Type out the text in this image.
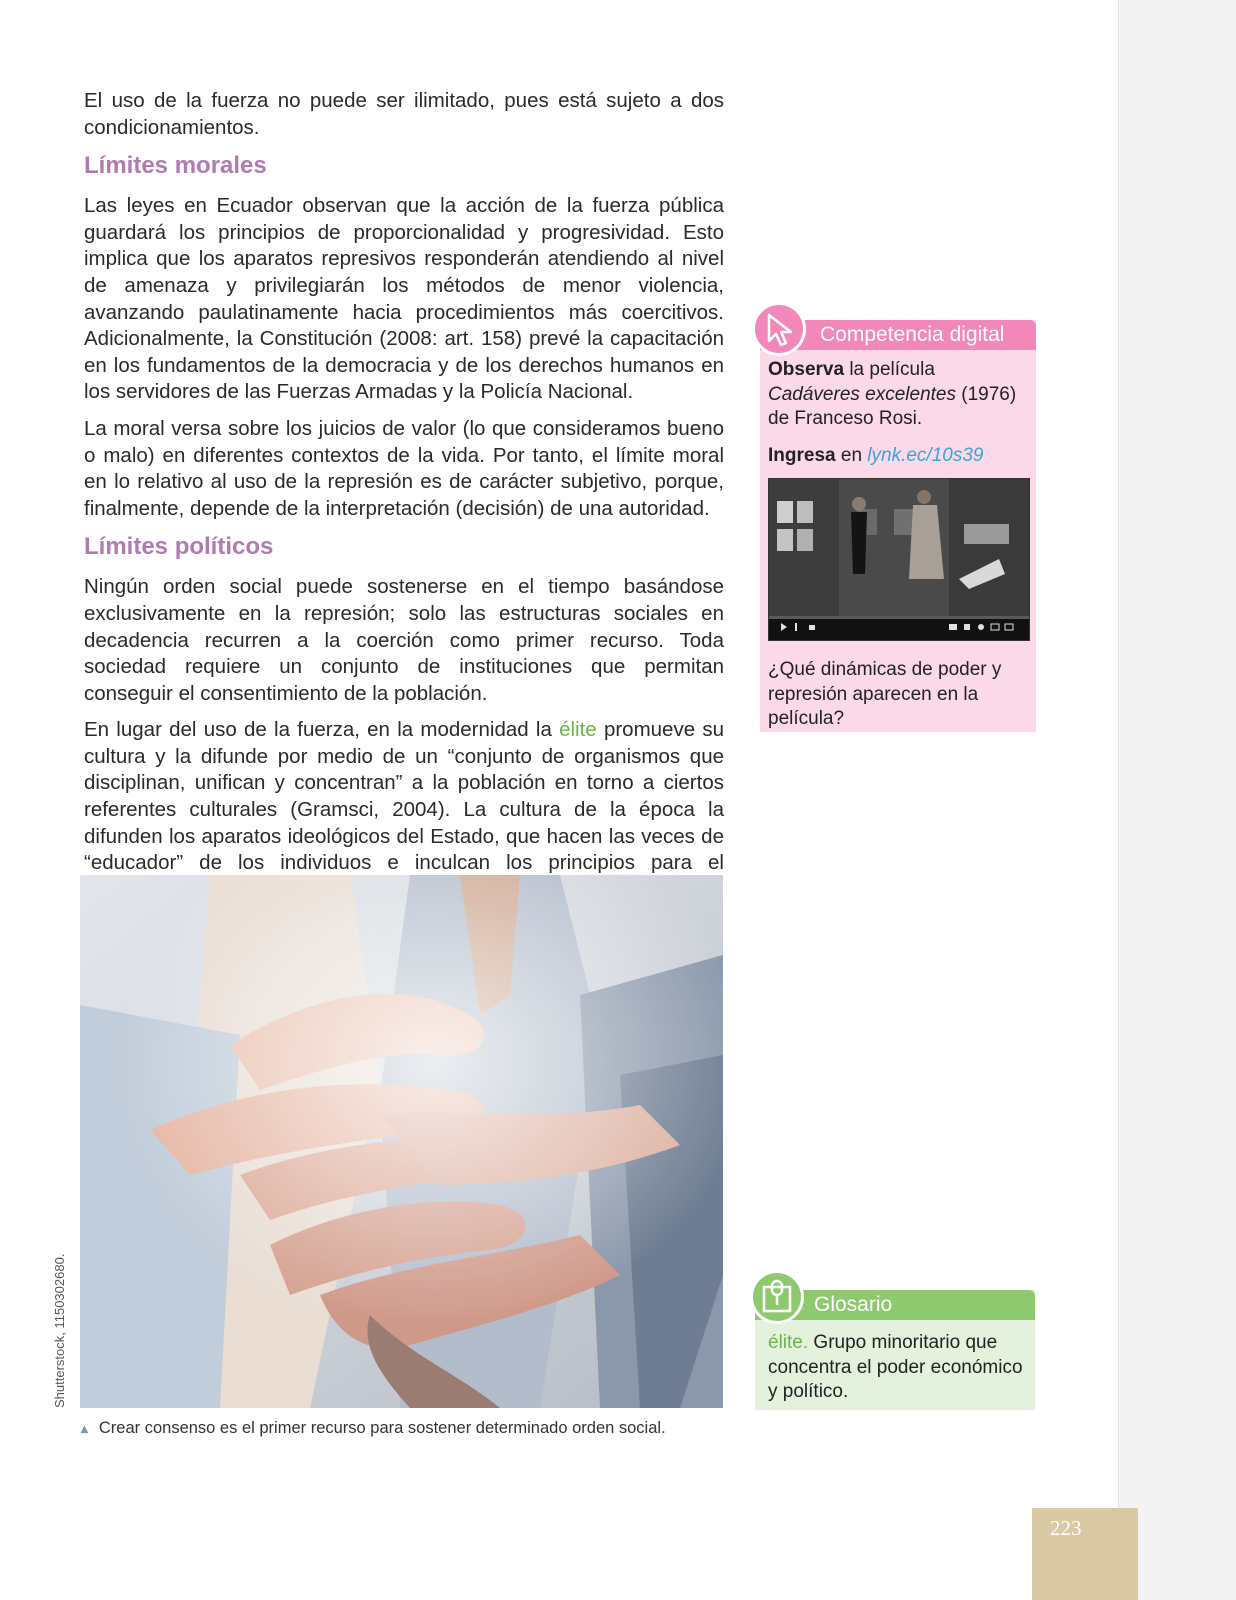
El uso de la fuerza no puede ser ilimitado, pues está sujeto a dos condicionamientos.

Límites morales

Las leyes en Ecuador observan que la acción de la fuerza pública guardará los principios de proporcionalidad y progresividad. Esto implica que los aparatos represivos responderán atendiendo al nivel de amenaza y privilegiarán los métodos de menor violencia, avanzando paulatinamente hacia procedimientos más coercitivos. Adicionalmente, la Constitución (2008: art. 158) prevé la capacitación en los fundamentos de la democracia y de los derechos humanos en los servidores de las Fuerzas Armadas y la Policía Nacional.

La moral versa sobre los juicios de valor (lo que consideramos bueno o malo) en diferentes contextos de la vida. Por tanto, el límite moral en lo relativo al uso de la represión es de carácter subjetivo, porque, finalmente, depende de la interpretación (decisión) de una autoridad.

Límites políticos

Ningún orden social puede sostenerse en el tiempo basándose exclusivamente en la represión; solo las estructuras sociales en decadencia recurren a la coerción como primer recurso. Toda sociedad requiere un conjunto de instituciones que permitan conseguir el consentimiento de la población.

En lugar del uso de la fuerza, en la modernidad la élite promueve su cultura y la difunde por medio de un “conjunto de organismos que disciplinan, unifican y concentran” a la población en torno a ciertos referentes culturales (Gramsci, 2004). La cultura de la época la difunden los aparatos ideológicos del Estado, que hacen las veces de “educador” de los individuos e inculcan los principios para el

Shutterstock, 1150302680.
▲ Crear consenso es el primer recurso para sostener determinado orden social.
Competencia digital

Observa la película Cadáveres excelentes (1976) de Franceso Rosi.

Ingresa en lynk.ec/10s39

¿Qué dinámicas de poder y represión aparecen en la película?
Glosario
élite. Grupo minoritario que concentra el poder económico y político.
223
